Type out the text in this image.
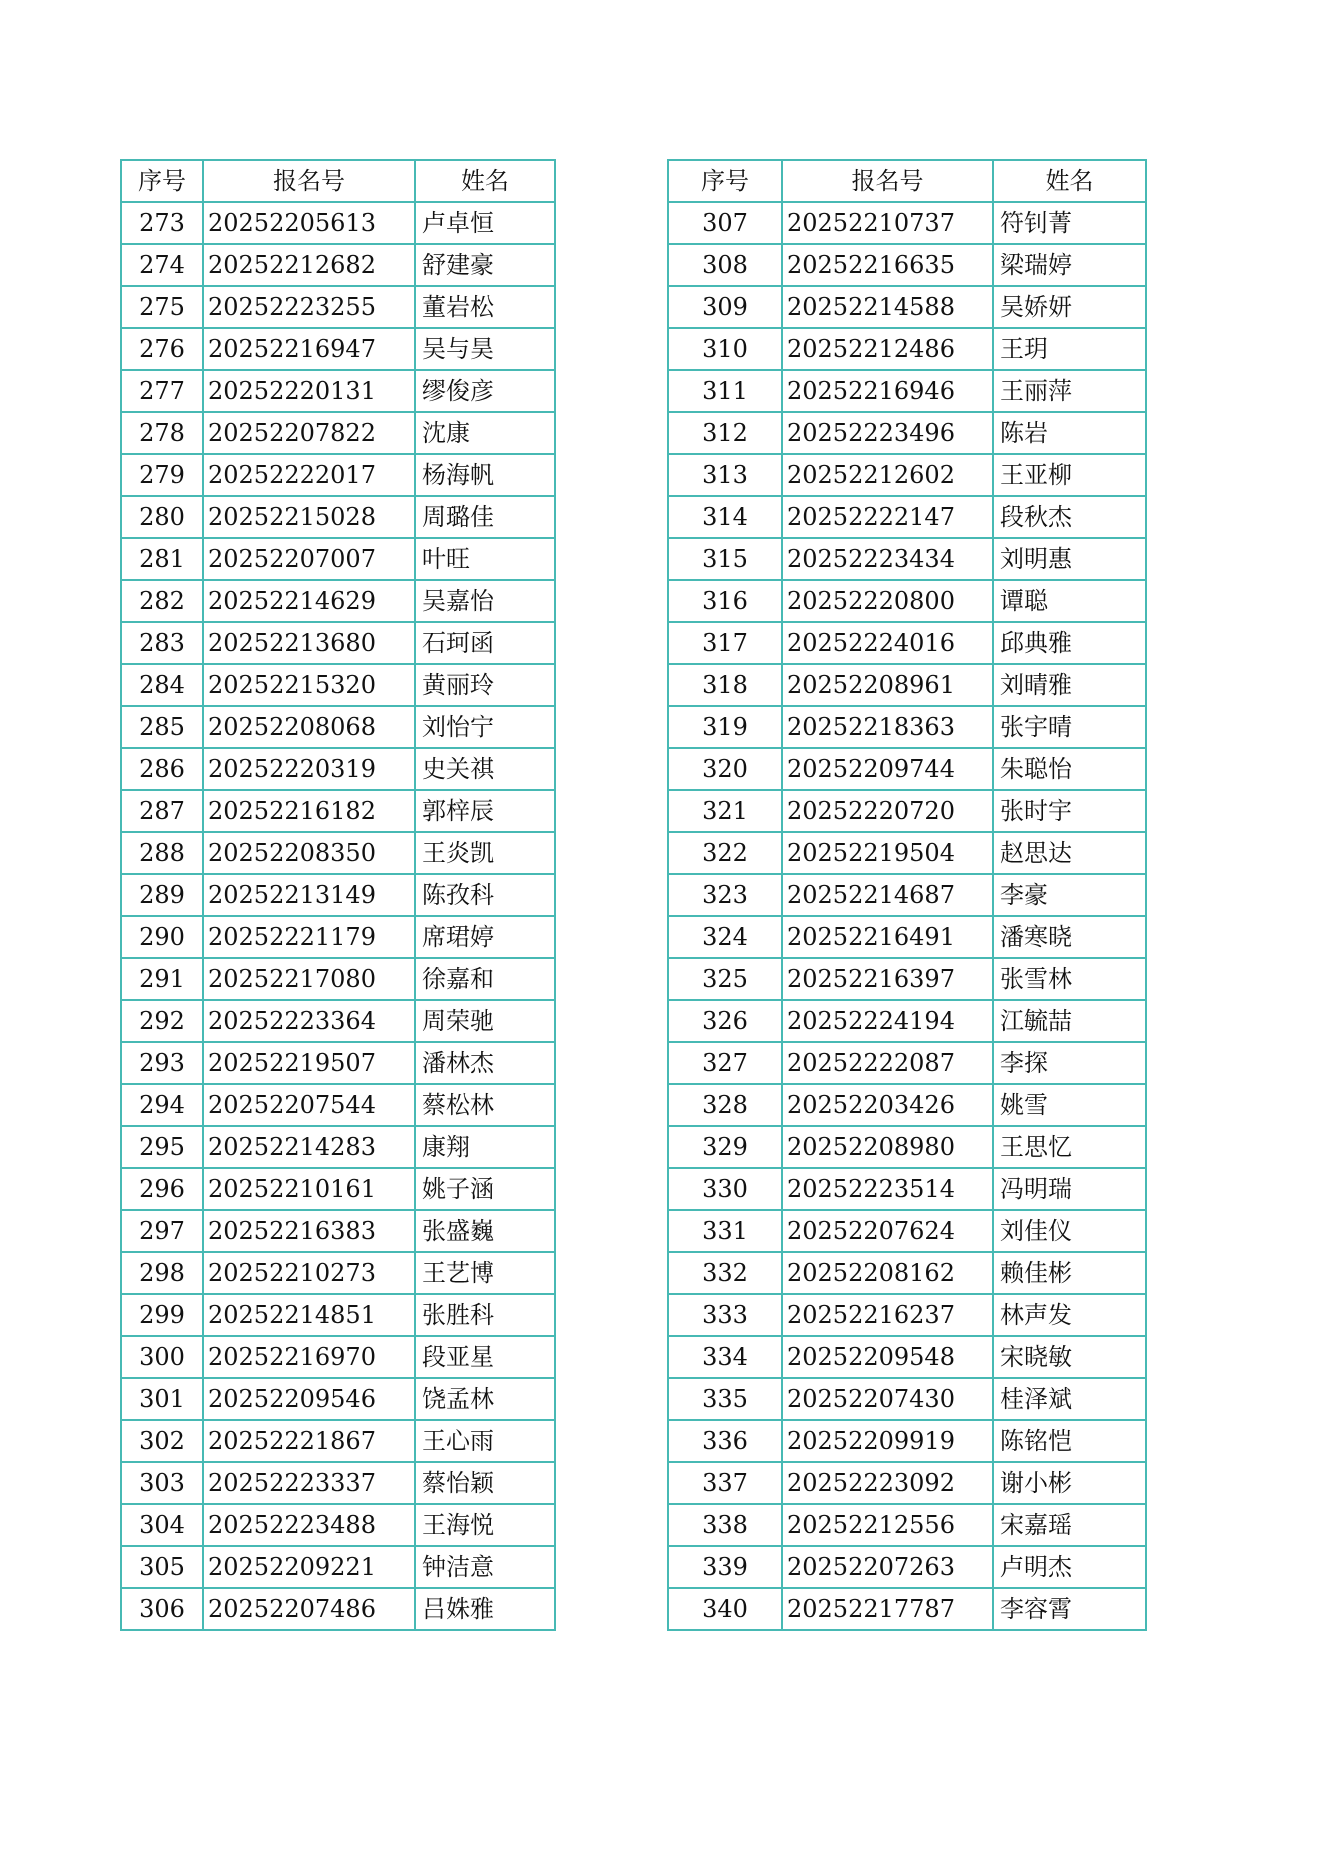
序号	报名号	姓名
273	20252205613	卢卓恒
274	20252212682	舒建豪
275	20252223255	董岩松
276	20252216947	吴与昊
277	20252220131	缪俊彦
278	20252207822	沈康
279	20252222017	杨海帆
280	20252215028	周璐佳
281	20252207007	叶旺
282	20252214629	吴嘉怡
283	20252213680	石珂函
284	20252215320	黄丽玲
285	20252208068	刘怡宁
286	20252220319	史关祺
287	20252216182	郭梓辰
288	20252208350	王炎凯
289	20252213149	陈孜科
290	20252221179	席珺婷
291	20252217080	徐嘉和
292	20252223364	周荣驰
293	20252219507	潘林杰
294	20252207544	蔡松林
295	20252214283	康翔
296	20252210161	姚子涵
297	20252216383	张盛巍
298	20252210273	王艺博
299	20252214851	张胜科
300	20252216970	段亚星
301	20252209546	饶孟林
302	20252221867	王心雨
303	20252223337	蔡怡颖
304	20252223488	王海悦
305	20252209221	钟洁意
306	20252207486	吕姝雅
序号	报名号	姓名
307	20252210737	符钊菁
308	20252216635	梁瑞婷
309	20252214588	吴娇妍
310	20252212486	王玥
311	20252216946	王丽萍
312	20252223496	陈岩
313	20252212602	王亚柳
314	20252222147	段秋杰
315	20252223434	刘明惠
316	20252220800	谭聪
317	20252224016	邱典雅
318	20252208961	刘晴雅
319	20252218363	张宇晴
320	20252209744	朱聪怡
321	20252220720	张时宇
322	20252219504	赵思达
323	20252214687	李豪
324	20252216491	潘寒晓
325	20252216397	张雪林
326	20252224194	江毓喆
327	20252222087	李探
328	20252203426	姚雪
329	20252208980	王思忆
330	20252223514	冯明瑞
331	20252207624	刘佳仪
332	20252208162	赖佳彬
333	20252216237	林声发
334	20252209548	宋晓敏
335	20252207430	桂泽斌
336	20252209919	陈铭恺
337	20252223092	谢小彬
338	20252212556	宋嘉瑶
339	20252207263	卢明杰
340	20252217787	李容霄
